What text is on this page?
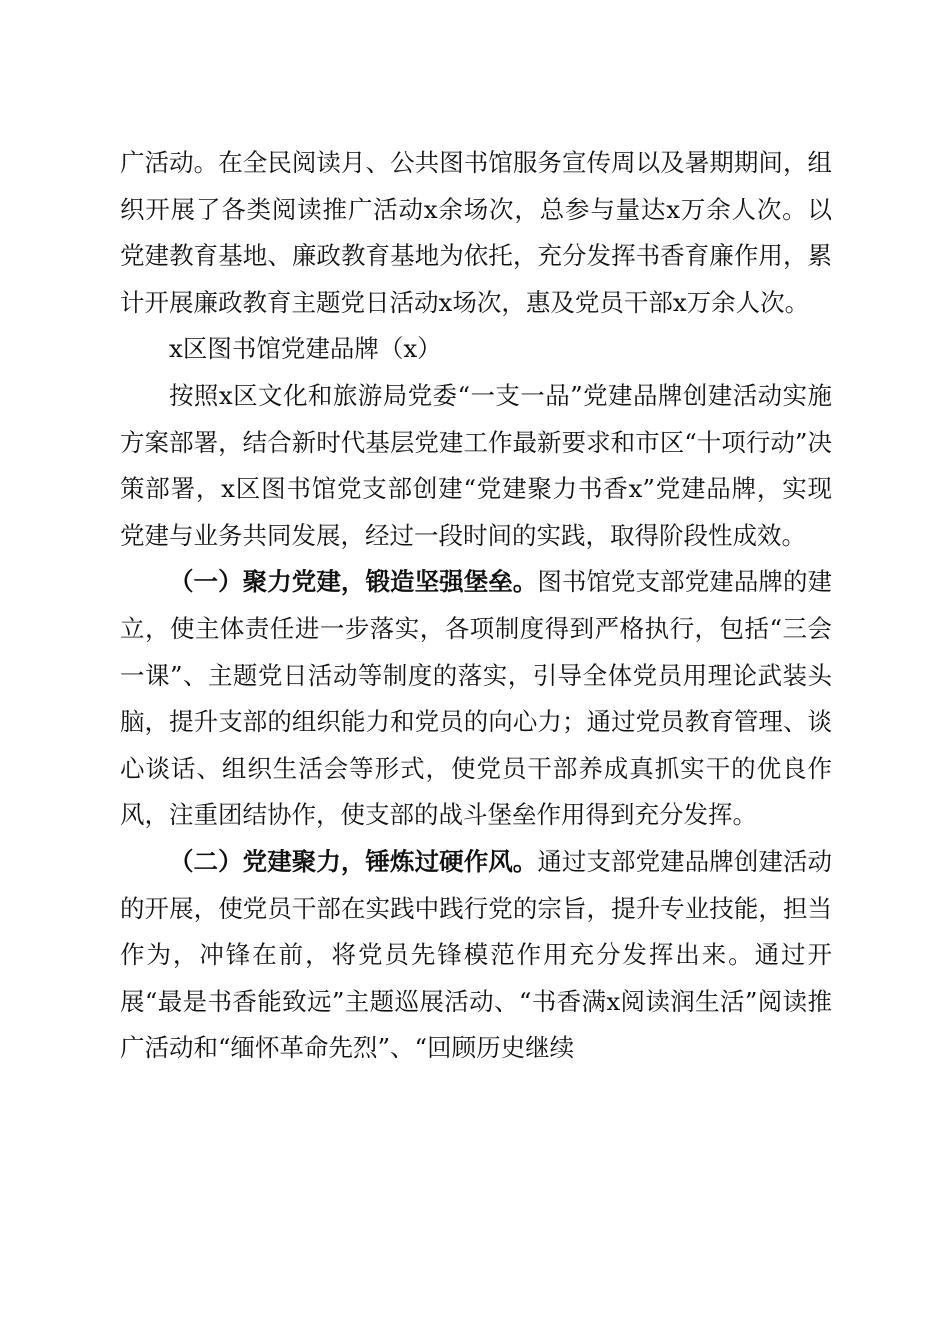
广活动。在全民阅读月、公共图书馆服务宣传周以及暑期期间，组织开展了各类阅读推广活动x余场次，总参与量达x万余人次。以党建教育基地、廉政教育基地为依托，充分发挥书香育廉作用，累计开展廉政教育主题党日活动x场次，惠及党员干部x万余人次。

x区图书馆党建品牌（x）

按照x区文化和旅游局党委“一支一品”党建品牌创建活动实施方案部署，结合新时代基层党建工作最新要求和市区“十项行动”决策部署，x区图书馆党支部创建“党建聚力书香x”党建品牌，实现党建与业务共同发展，经过一段时间的实践，取得阶段性成效。

（一）聚力党建，锻造坚强堡垒。图书馆党支部党建品牌的建立，使主体责任进一步落实，各项制度得到严格执行，包括“三会一课”、主题党日活动等制度的落实，引导全体党员用理论武装头脑，提升支部的组织能力和党员的向心力；通过党员教育管理、谈心谈话、组织生活会等形式，使党员干部养成真抓实干的优良作风，注重团结协作，使支部的战斗堡垒作用得到充分发挥。

（二）党建聚力，锤炼过硬作风。通过支部党建品牌创建活动的开展，使党员干部在实践中践行党的宗旨，提升专业技能，担当作为，冲锋在前，将党员先锋模范作用充分发挥出来。通过开展“最是书香能致远”主题巡展活动、“书香满x阅读润生活”阅读推广活动和“缅怀革命先烈”、“回顾历史继续
